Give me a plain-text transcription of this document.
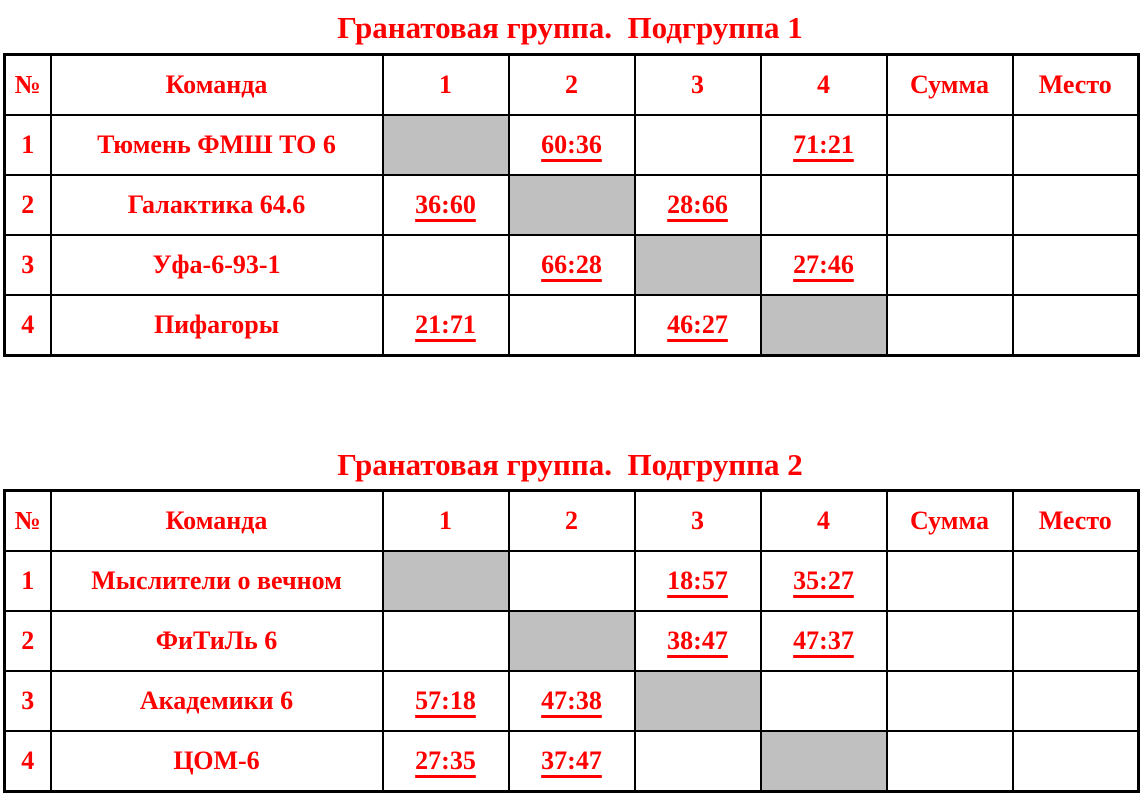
Гранатовая группа.  Подгруппа 1
№	Команда	1	2	3	4	Сумма	Место
1	Тюмень ФМШ ТО 6		60:36		71:21		
2	Галактика 64.6	36:60		28:66			
3	Уфа-6-93-1		66:28		27:46		
4	Пифагоры	21:71		46:27			
Гранатовая группа.  Подгруппа 2
№	Команда	1	2	3	4	Сумма	Место
1	Мыслители о вечном			18:57	35:27		
2	ФиТиЛь 6			38:47	47:37		
3	Академики 6	57:18	47:38				
4	ЦОМ-6	27:35	37:47				
